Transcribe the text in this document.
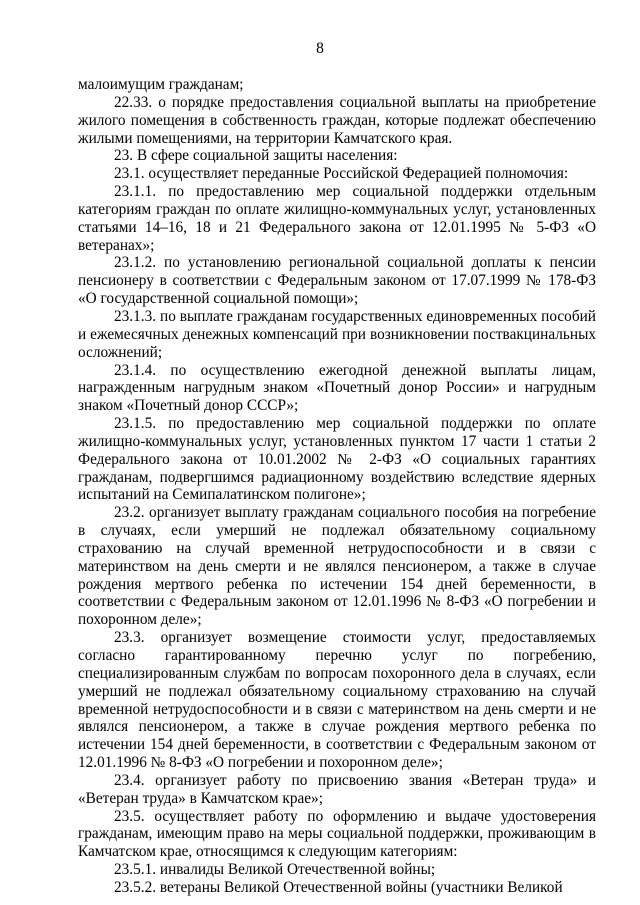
8

малоимущим гражданам;

22.33. о порядке предоставления социальной выплаты на приобретение жилого помещения в собственность граждан, которые подлежат обеспечению жилыми помещениями, на территории Камчатского края.

23. В сфере социальной защиты населения:

23.1. осуществляет переданные Российской Федерацией полномочия:

23.1.1. по предоставлению мер социальной поддержки отдельным категориям граждан по оплате жилищно-коммунальных услуг, установленных статьями 14–16, 18 и 21 Федерального закона от 12.01.1995 № 5-ФЗ «О ветеранах»;

23.1.2. по установлению региональной социальной доплаты к пенсии пенсионеру в соответствии с Федеральным законом от 17.07.1999 № 178-ФЗ «О государственной социальной помощи»;

23.1.3. по выплате гражданам государственных единовременных пособий и ежемесячных денежных компенсаций при возникновении поствакцинальных осложнений;

23.1.4. по осуществлению ежегодной денежной выплаты лицам, награжденным нагрудным знаком «Почетный донор России» и нагрудным знаком «Почетный донор СССР»;

23.1.5. по предоставлению мер социальной поддержки по оплате жилищно-коммунальных услуг, установленных пунктом 17 части 1 статьи 2 Федерального закона от 10.01.2002 № 2-ФЗ «О социальных гарантиях гражданам, подвергшимся радиационному воздействию вследствие ядерных испытаний на Семипалатинском полигоне»;

23.2. организует выплату гражданам социального пособия на погребение в случаях, если умерший не подлежал обязательному социальному страхованию на случай временной нетрудоспособности и в связи с материнством на день смерти и не являлся пенсионером, а также в случае рождения мертвого ребенка по истечении 154 дней беременности, в соответствии с Федеральным законом от 12.01.1996 № 8-ФЗ «О погребении и похоронном деле»;

23.3. организует возмещение стоимости услуг, предоставляемых согласно гарантированному перечню услуг по погребению, специализированным службам по вопросам похоронного дела в случаях, если умерший не подлежал обязательному социальному страхованию на случай временной нетрудоспособности и в связи с материнством на день смерти и не являлся пенсионером, а также в случае рождения мертвого ребенка по истечении 154 дней беременности, в соответствии с Федеральным законом от 12.01.1996 № 8-ФЗ «О погребении и похоронном деле»;

23.4. организует работу по присвоению звания «Ветеран труда» и «Ветеран труда» в Камчатском крае»;

23.5. осуществляет работу по оформлению и выдаче удостоверения гражданам, имеющим право на меры социальной поддержки, проживающим в Камчатском крае, относящимся к следующим категориям:

23.5.1. инвалиды Великой Отечественной войны;

23.5.2. ветераны Великой Отечественной войны (участники Великой
